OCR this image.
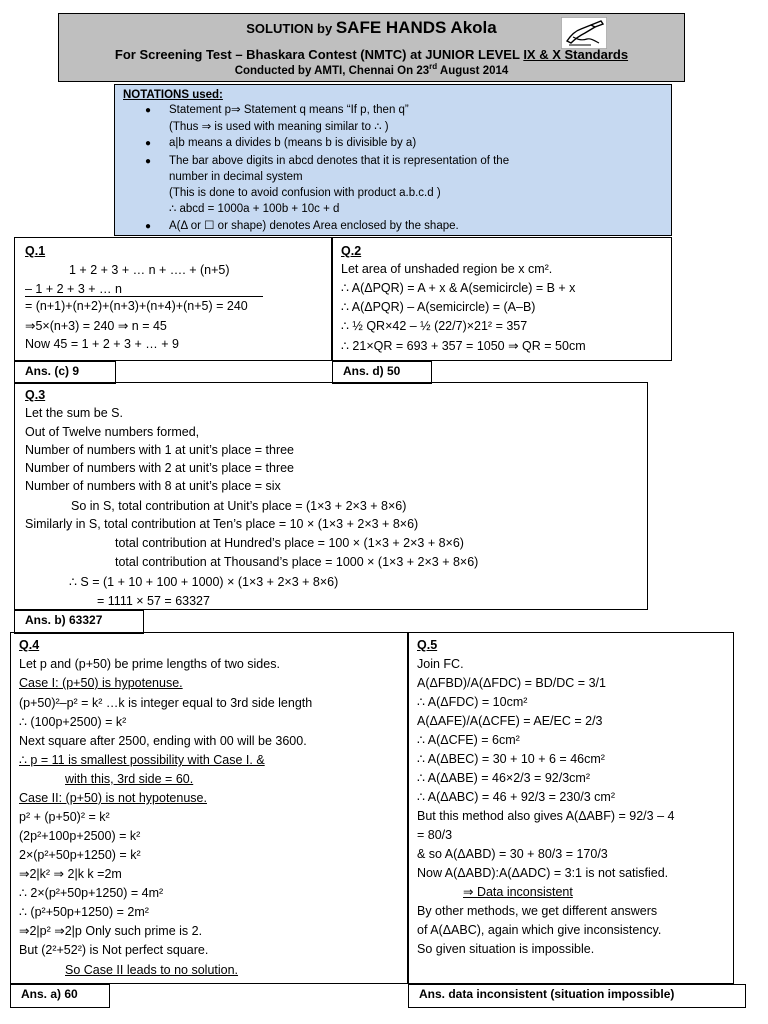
SOLUTION by SAFE HANDS Akola
For Screening Test – Bhaskara Contest (NMTC) at JUNIOR LEVEL IX & X Standards
Conducted by AMTI, Chennai On 23rd August 2014
NOTATIONS used:
● Statement p⇒ Statement q means “If p, then q”
(Thus ⇒ is used with meaning similar to ∴ )
● a|b means a divides b (means b is divisible by a)
● The bar above digits in abcd denotes that it is representation of the
number in decimal system
(This is done to avoid confusion with product a.b.c.d )
∴ abcd = 1000a + 100b + 10c + d
● A(Δ or ☐ or shape) denotes Area enclosed by the shape.
Q.1
1 + 2 + 3 + … n + …. + (n+5)
– 1 + 2 + 3 + … n
= (n+1)+(n+2)+(n+3)+(n+4)+(n+5) = 240
⇒5×(n+3) = 240 ⇒ n = 45
Now 45 = 1 + 2 + 3 + … + 9
Ans. (c) 9
Q.2
Let area of unshaded region be x cm².
∴ A(ΔPQR) = A + x & A(semicircle) = B + x
∴ A(ΔPQR) – A(semicircle) = (A–B)
∴ ½ QR×42 – ½ (22/7)×21² = 357
∴ 21×QR = 693 + 357 = 1050 ⇒ QR = 50cm
Ans. d) 50
Q.3
Let the sum be S.
Out of Twelve numbers formed,
Number of numbers with 1 at unit’s place = three
Number of numbers with 2 at unit’s place = three
Number of numbers with 8 at unit’s place = six
So in S, total contribution at Unit’s place = (1×3 + 2×3 + 8×6)
Similarly in S, total contribution at Ten’s place = 10 × (1×3 + 2×3 + 8×6)
total contribution at Hundred’s place = 100 × (1×3 + 2×3 + 8×6)
total contribution at Thousand’s place = 1000 × (1×3 + 2×3 + 8×6)
∴ S = (1 + 10 + 100 + 1000) × (1×3 + 2×3 + 8×6)
= 1111 × 57 = 63327
Ans. b) 63327
Q.4
Let p and (p+50) be prime lengths of two sides.
Case I: (p+50) is hypotenuse.
(p+50)²–p² = k² …k is integer equal to 3rd side length
∴ (100p+2500) = k²
Next square after 2500, ending with 00 will be 3600.
∴ p = 11 is smallest possibility with Case I. &
with this, 3rd side = 60.
Case II: (p+50) is not hypotenuse.
p² + (p+50)² = k²
(2p²+100p+2500) = k²
2×(p²+50p+1250) = k²
⇒2|k² ⇒ 2|k k =2m
∴ 2×(p²+50p+1250) = 4m²
∴ (p²+50p+1250) = 2m²
⇒2|p² ⇒2|p Only such prime is 2.
But (2²+52²) is Not perfect square.
So Case II leads to no solution.
Ans. a) 60
Q.5
Join FC.
A(ΔFBD)/A(ΔFDC) = BD/DC = 3/1
∴ A(ΔFDC) = 10cm²
A(ΔAFE)/A(ΔCFE) = AE/EC = 2/3
∴ A(ΔCFE) = 6cm²
∴ A(ΔBEC) = 30 + 10 + 6 = 46cm²
∴ A(ΔABE) = 46×2/3 = 92/3cm²
∴ A(ΔABC) = 46 + 92/3 = 230/3 cm²
But this method also gives A(ΔABF) = 92/3 – 4
= 80/3
& so A(ΔABD) = 30 + 80/3 = 170/3
Now A(ΔABD):A(ΔADC) = 3:1 is not satisfied.
⇒ Data inconsistent
By other methods, we get different answers
of A(ΔABC), again which give inconsistency.
So given situation is impossible.
Ans. data inconsistent (situation impossible)
